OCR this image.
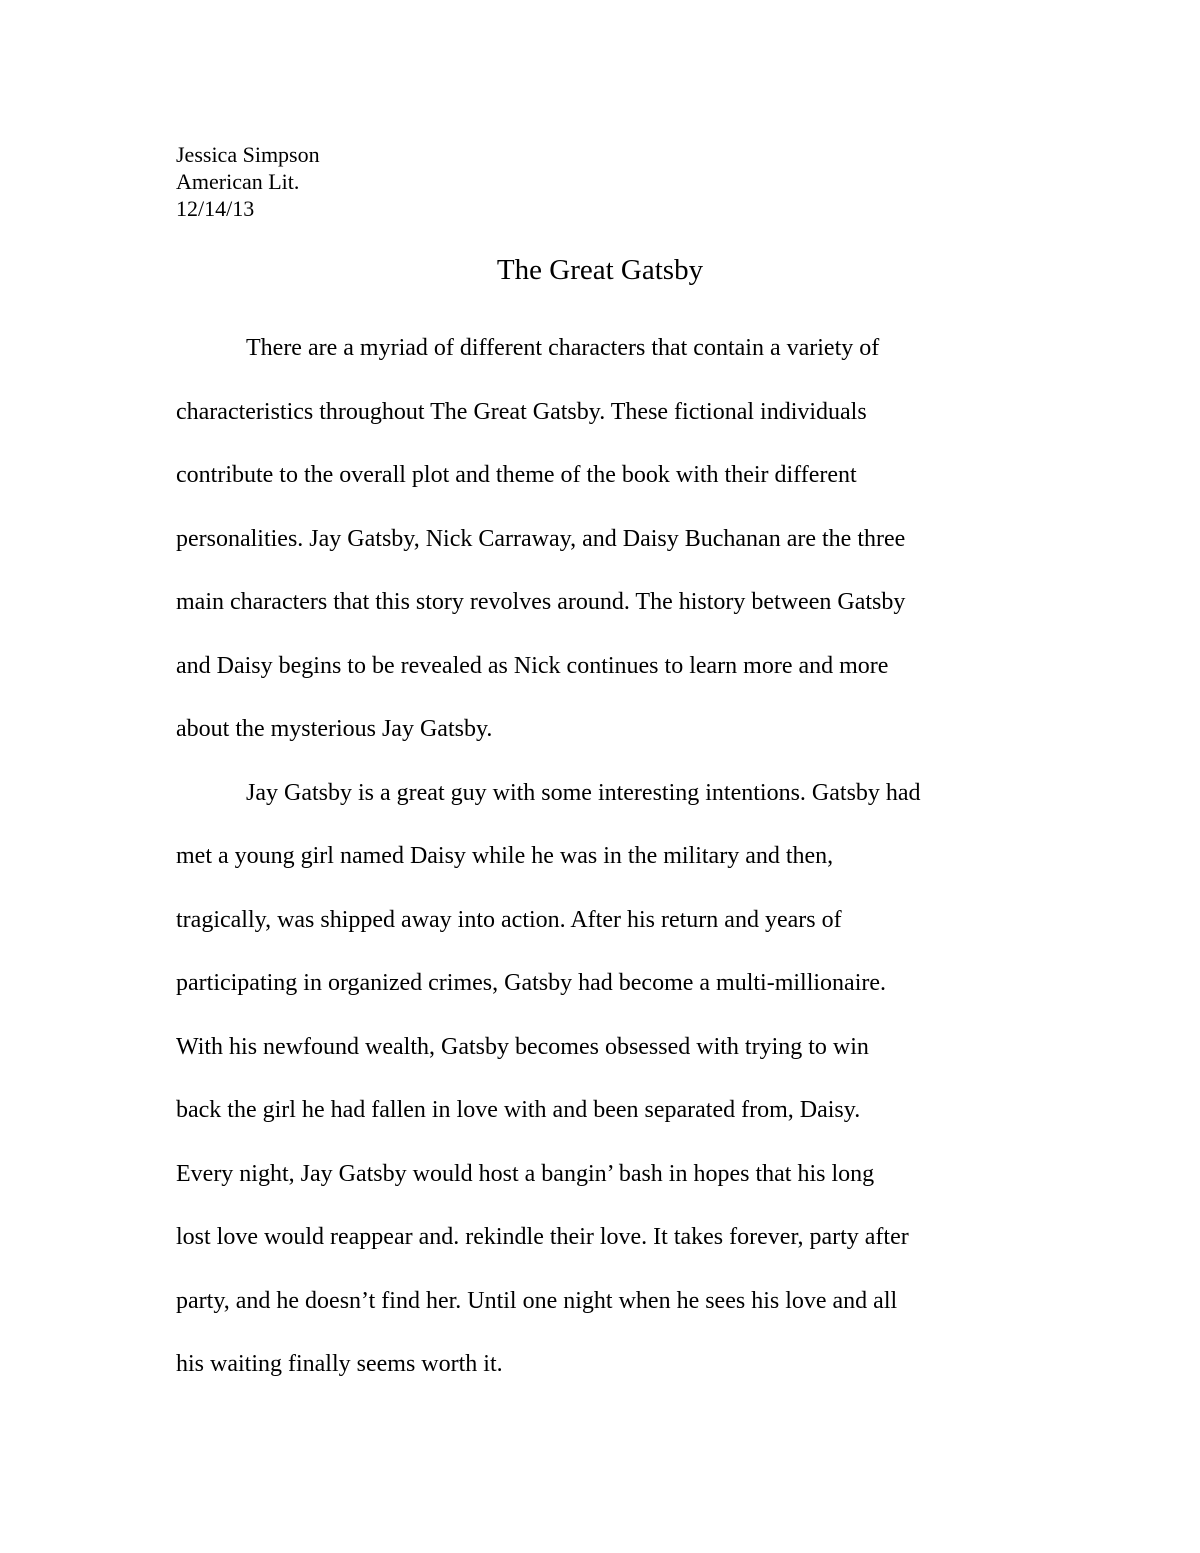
Jessica Simpson
American Lit.
12/14/13
The Great Gatsby
There are a myriad of different characters that contain a variety of
characteristics throughout The Great Gatsby. These fictional individuals
contribute to the overall plot and theme of the book with their different
personalities. Jay Gatsby, Nick Carraway, and Daisy Buchanan are the three
main characters that this story revolves around. The history between Gatsby
and Daisy begins to be revealed as Nick continues to learn more and more
about the mysterious Jay Gatsby.
Jay Gatsby is a great guy with some interesting intentions. Gatsby had
met a young girl named Daisy while he was in the military and then,
tragically, was shipped away into action. After his return and years of
participating in organized crimes, Gatsby had become a multi-millionaire.
With his newfound wealth, Gatsby becomes obsessed with trying to win
back the girl he had fallen in love with and been separated from, Daisy.
Every night, Jay Gatsby would host a bangin’ bash in hopes that his long
lost love would reappear and. rekindle their love. It takes forever, party after
party, and he doesn’t find her. Until one night when he sees his love and all
his waiting finally seems worth it.
